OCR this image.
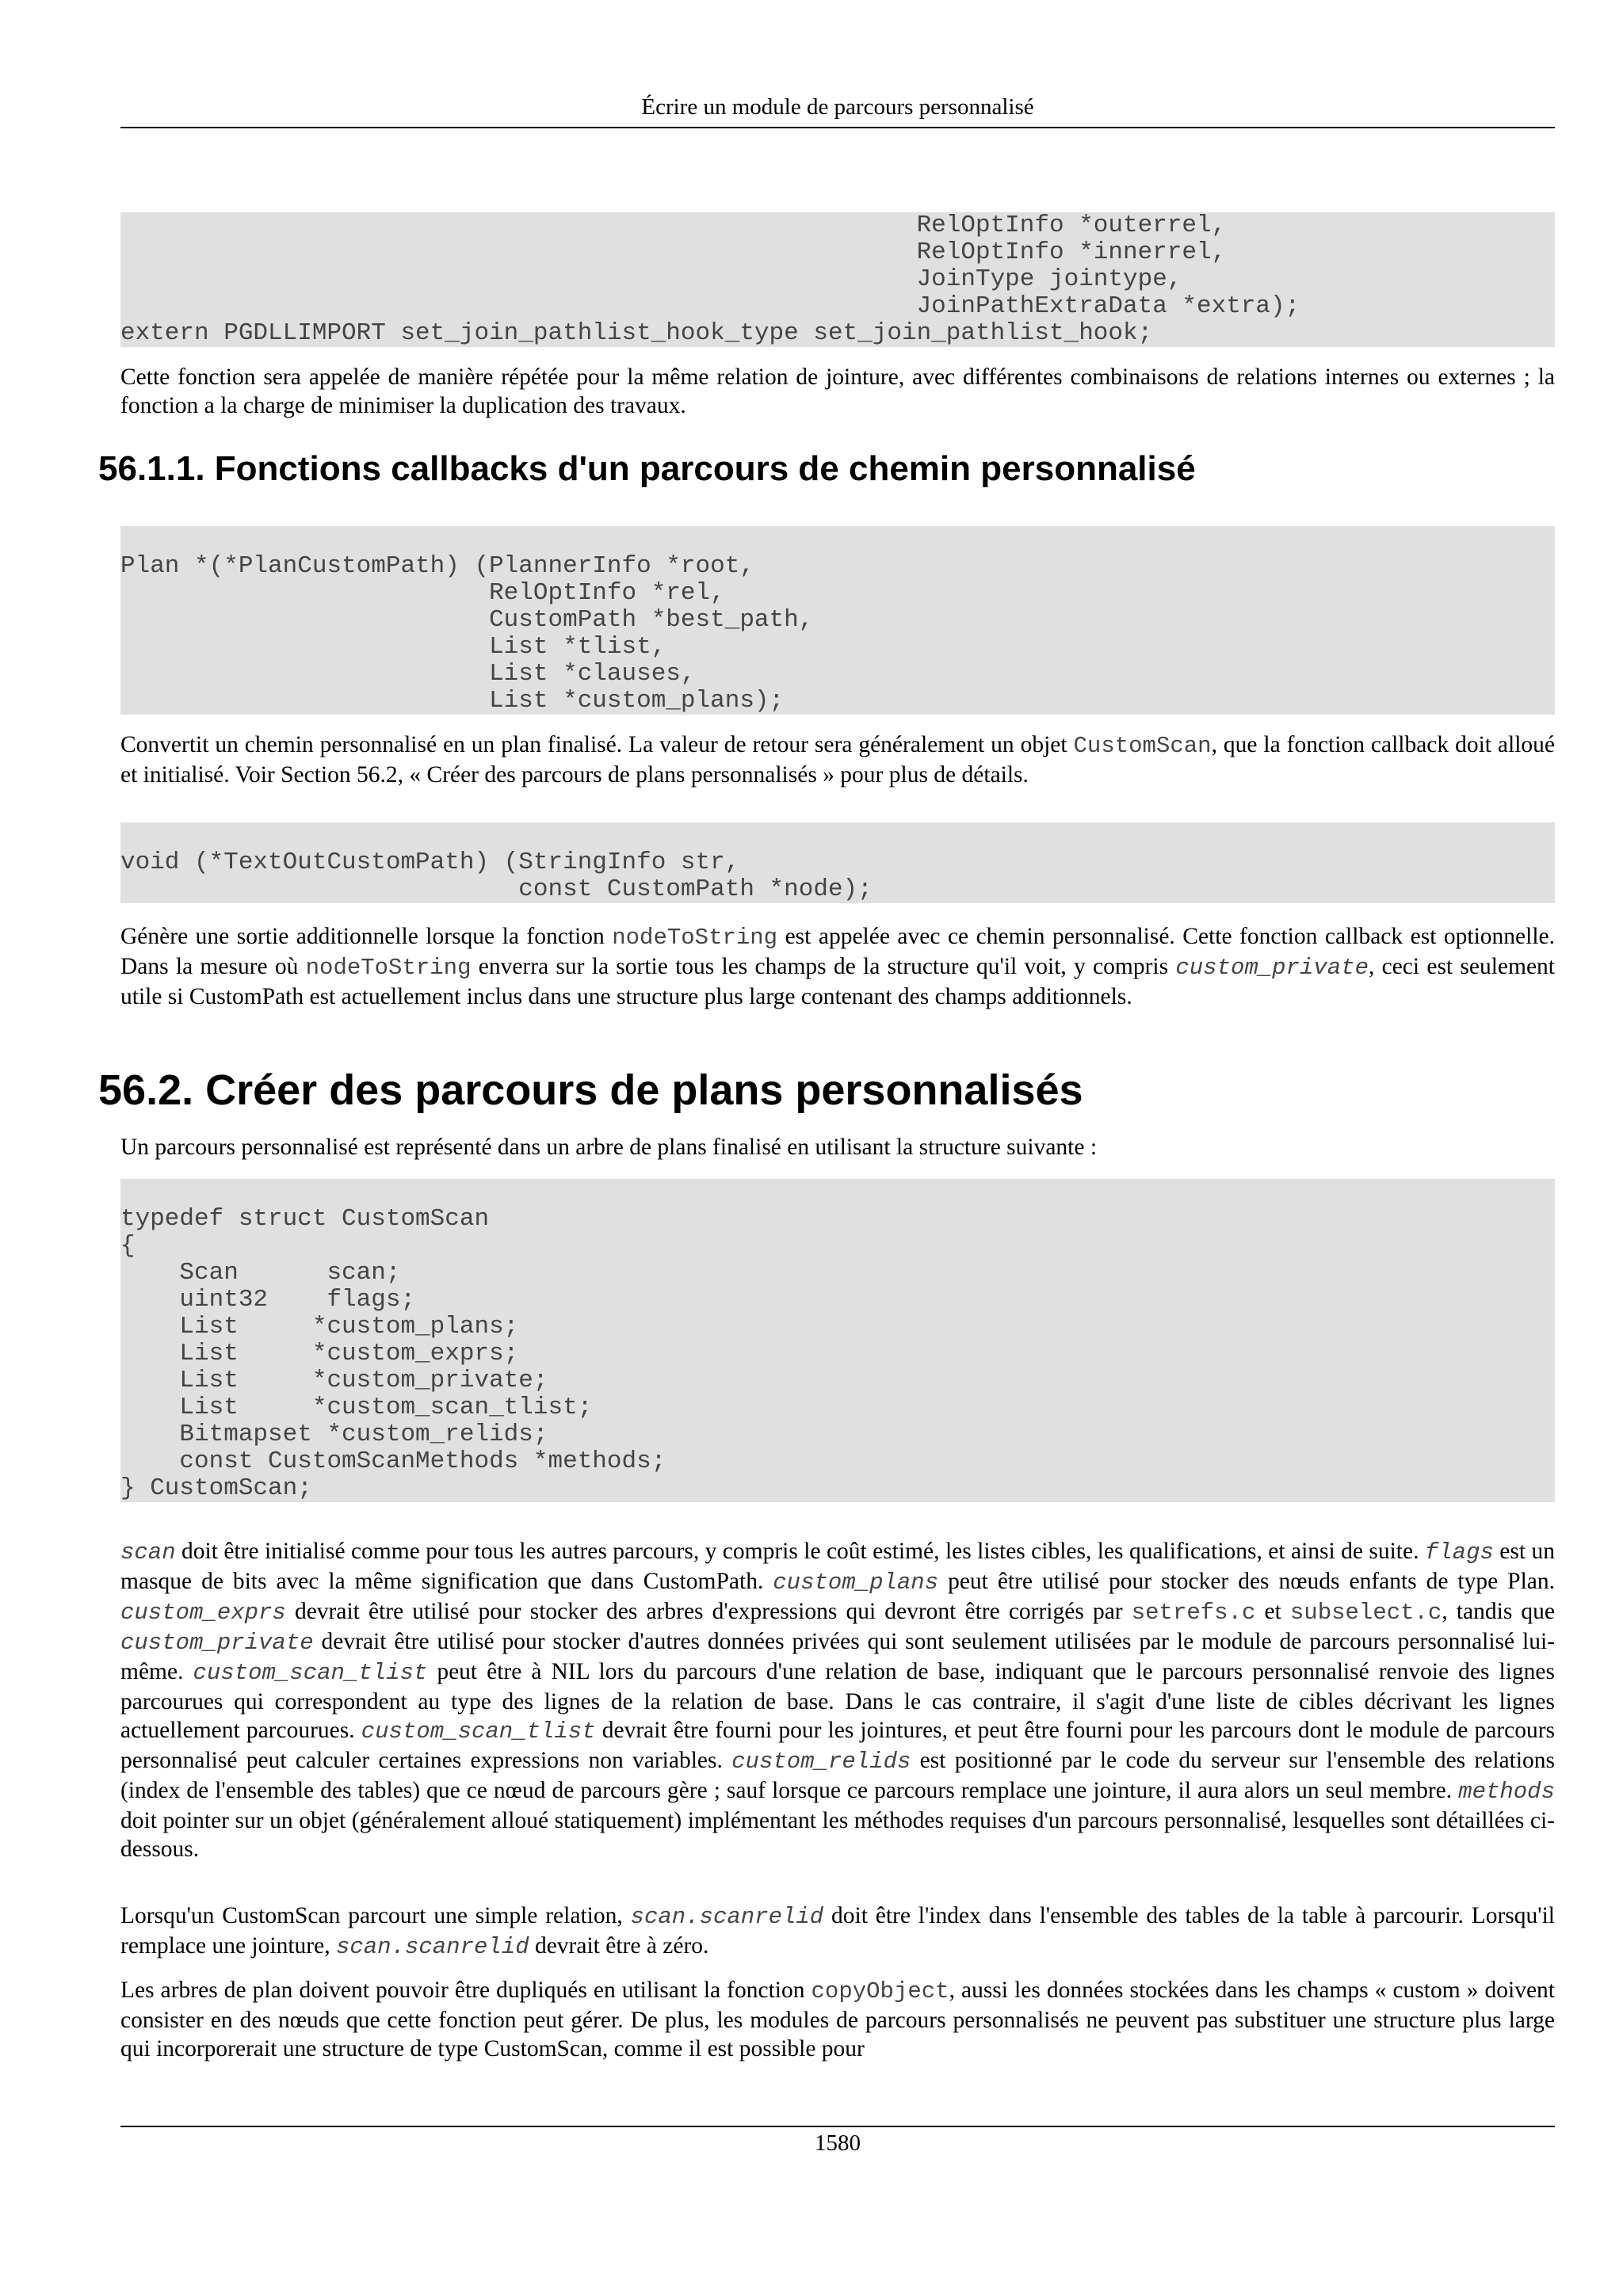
Écrire un module de parcours personnalisé
RelOptInfo *outerrel,
RelOptInfo *innerrel,
JoinType jointype,
JoinPathExtraData *extra);
extern PGDLLIMPORT set_join_pathlist_hook_type set_join_pathlist_hook;

Cette fonction sera appelée de manière répétée pour la même relation de jointure, avec différentes combinaisons de relations internes ou externes ; la fonction a la charge de minimiser la duplication des travaux.

56.1.1. Fonctions callbacks d'un parcours de chemin personnalisé

Plan *(*PlanCustomPath) (PlannerInfo *root,
RelOptInfo *rel,
CustomPath *best_path,
List *tlist,
List *clauses,
List *custom_plans);

Convertit un chemin personnalisé en un plan finalisé. La valeur de retour sera généralement un objet CustomScan, que la fonction callback doit alloué et initialisé. Voir Section 56.2, « Créer des parcours de plans personnalisés » pour plus de détails.

void (*TextOutCustomPath) (StringInfo str,
const CustomPath *node);

Génère une sortie additionnelle lorsque la fonction nodeToString est appelée avec ce chemin personnalisé. Cette fonction callback est optionnelle. Dans la mesure où nodeToString enverra sur la sortie tous les champs de la structure qu'il voit, y compris custom_private, ceci est seulement utile si CustomPath est actuellement inclus dans une structure plus large contenant des champs additionnels.

56.2. Créer des parcours de plans personnalisés

Un parcours personnalisé est représenté dans un arbre de plans finalisé en utilisant la structure suivante :

typedef struct CustomScan
{
Scan      scan;
uint32    flags;
List     *custom_plans;
List     *custom_exprs;
List     *custom_private;
List     *custom_scan_tlist;
Bitmapset *custom_relids;
const CustomScanMethods *methods;
} CustomScan;

scan doit être initialisé comme pour tous les autres parcours, y compris le coût estimé, les listes cibles, les qualifications, et ainsi de suite. flags est un masque de bits avec la même signification que dans CustomPath. custom_plans peut être utilisé pour stocker des nœuds enfants de type Plan. custom_exprs devrait être utilisé pour stocker des arbres d'expressions qui devront être corrigés par setrefs.c et subselect.c, tandis que custom_private devrait être utilisé pour stocker d'autres données privées qui sont seulement utilisées par le module de parcours personnalisé lui-même. custom_scan_tlist peut être à NIL lors du parcours d'une relation de base, indiquant que le parcours personnalisé renvoie des lignes parcourues qui correspondent au type des lignes de la relation de base. Dans le cas contraire, il s'agit d'une liste de cibles décrivant les lignes actuellement parcourues. custom_scan_tlist devrait être fourni pour les jointures, et peut être fourni pour les parcours dont le module de parcours personnalisé peut calculer certaines expressions non variables. custom_relids est positionné par le code du serveur sur l'ensemble des relations (index de l'ensemble des tables) que ce nœud de parcours gère ; sauf lorsque ce parcours remplace une jointure, il aura alors un seul membre. methods doit pointer sur un objet (généralement alloué statiquement) implémentant les méthodes requises d'un parcours personnalisé, lesquelles sont détaillées ci-dessous.

Lorsqu'un CustomScan parcourt une simple relation, scan.scanrelid doit être l'index dans l'ensemble des tables de la table à parcourir. Lorsqu'il remplace une jointure, scan.scanrelid devrait être à zéro.

Les arbres de plan doivent pouvoir être dupliqués en utilisant la fonction copyObject, aussi les données stockées dans les champs « custom » doivent consister en des nœuds que cette fonction peut gérer. De plus, les modules de parcours personnalisés ne peuvent pas substituer une structure plus large qui incorporerait une structure de type CustomScan, comme il est possible pour

1580
